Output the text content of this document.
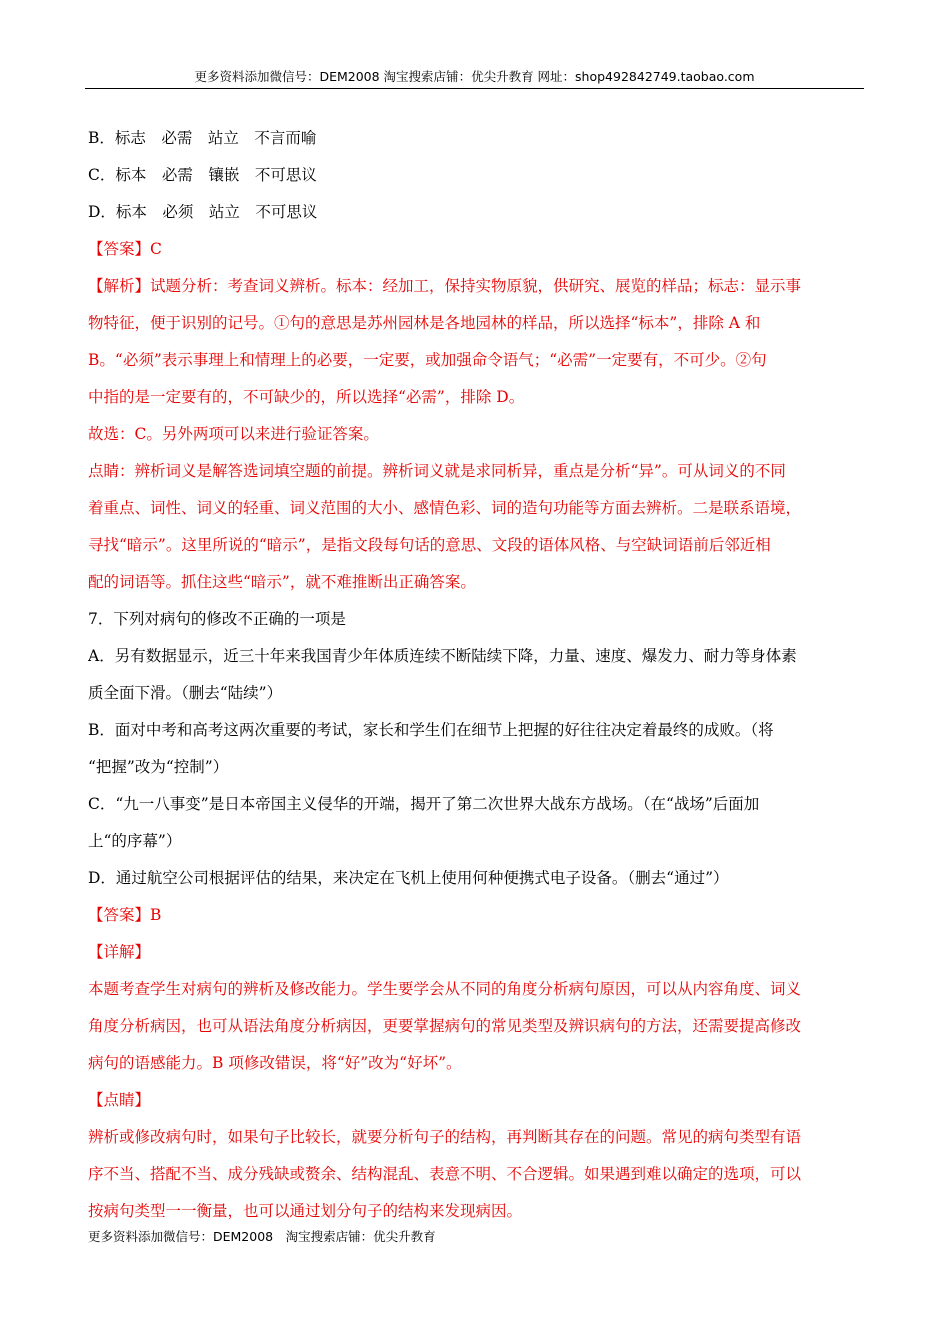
更多资料添加微信号：DEM2008 淘宝搜索店铺：优尖升教育 网址：shop492842749.taobao.com
B．标志　必需　站立　不言而喻
C．标本　必需　镶嵌　不可思议
D．标本　必须　站立　不可思议
【答案】C
【解析】试题分析：考查词义辨析。标本：经加工，保持实物原貌，供研究、展览的样品；标志：显示事
物特征，便于识别的记号。①句的意思是苏州园林是各地园林的样品，所以选择“标本”，排除 A 和
B。“必须”表示事理上和情理上的必要，一定要，或加强命令语气；“必需”一定要有，不可少。②句
中指的是一定要有的，不可缺少的，所以选择“必需”，排除 D。
故选：C。另外两项可以来进行验证答案。
点睛：辨析词义是解答选词填空题的前提。辨析词义就是求同析异，重点是分析“异”。可从词义的不同
着重点、词性、词义的轻重、词义范围的大小、感情色彩、词的造句功能等方面去辨析。二是联系语境，
寻找“暗示”。这里所说的“暗示”，是指文段每句话的意思、文段的语体风格、与空缺词语前后邻近相
配的词语等。抓住这些“暗示”，就不难推断出正确答案。
7．下列对病句的修改不正确的一项是
A．另有数据显示，近三十年来我国青少年体质连续不断陆续下降，力量、速度、爆发力、耐力等身体素
质全面下滑。（删去“陆续”）
B．面对中考和高考这两次重要的考试，家长和学生们在细节上把握的好往往决定着最终的成败。（将
“把握”改为“控制”）
C．“九一八事变”是日本帝国主义侵华的开端，揭开了第二次世界大战东方战场。（在“战场”后面加
上“的序幕”）
D．通过航空公司根据评估的结果，来决定在飞机上使用何种便携式电子设备。（删去“通过”）
【答案】B
【详解】
本题考查学生对病句的辨析及修改能力。学生要学会从不同的角度分析病句原因，可以从内容角度、词义
角度分析病因，也可从语法角度分析病因，更要掌握病句的常见类型及辨识病句的方法，还需要提高修改
病句的语感能力。B 项修改错误，将“好”改为“好坏”。
【点睛】
辨析或修改病句时，如果句子比较长，就要分析句子的结构，再判断其存在的问题。常见的病句类型有语
序不当、搭配不当、成分残缺或赘余、结构混乱、表意不明、不合逻辑。如果遇到难以确定的选项，可以
按病句类型一一衡量，也可以通过划分句子的结构来发现病因。
更多资料添加微信号：DEM2008　淘宝搜索店铺：优尖升教育
